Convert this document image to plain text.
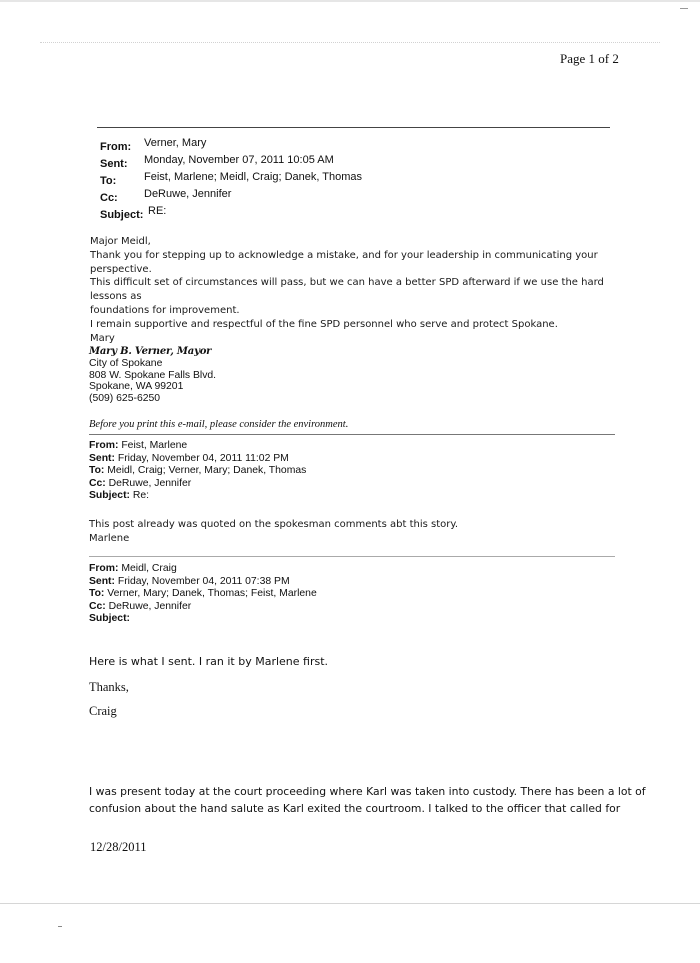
Page 1 of 2
From: Verner, Mary
Sent: Monday, November 07, 2011 10:05 AM
To:	Feist, Marlene; Meidl, Craig; Danek, Thomas
Cc: DeRuwe, Jennifer
Subject: RE:
Major Meidl,
Thank you for stepping up to acknowledge a mistake, and for your leadership in communicating your
perspective.
This difficult set of circumstances will pass, but we can have a better SPD afterward if we use the hard lessons as
foundations for improvement.
I remain supportive and respectful of the fine SPD personnel who serve and protect Spokane.
Mary
Mary B. Verner, Mayor
City of Spokane
808 W. Spokane Falls Blvd.
Spokane, WA 99201
(509) 625-6250
Before you print this e-mail, please consider the environment.
From: Feist, Marlene
Sent: Friday, November 04, 2011 11:02 PM
To: Meidl, Craig; Verner, Mary; Danek, Thomas
Cc: DeRuwe, Jennifer
Subject: Re:
This post already was quoted on the spokesman comments abt this story.
Marlene
From: Meidl, Craig
Sent: Friday, November 04, 2011 07:38 PM
To: Verner, Mary; Danek, Thomas; Feist, Marlene
Cc: DeRuwe, Jennifer
Subject:
Here is what I sent. I ran it by Marlene first.
Thanks,
Craig
I was present today at the court proceeding where Karl was taken into custody. There has been a lot of
confusion about the hand salute as Karl exited the courtroom. I talked to the officer that called for
12/28/2011
